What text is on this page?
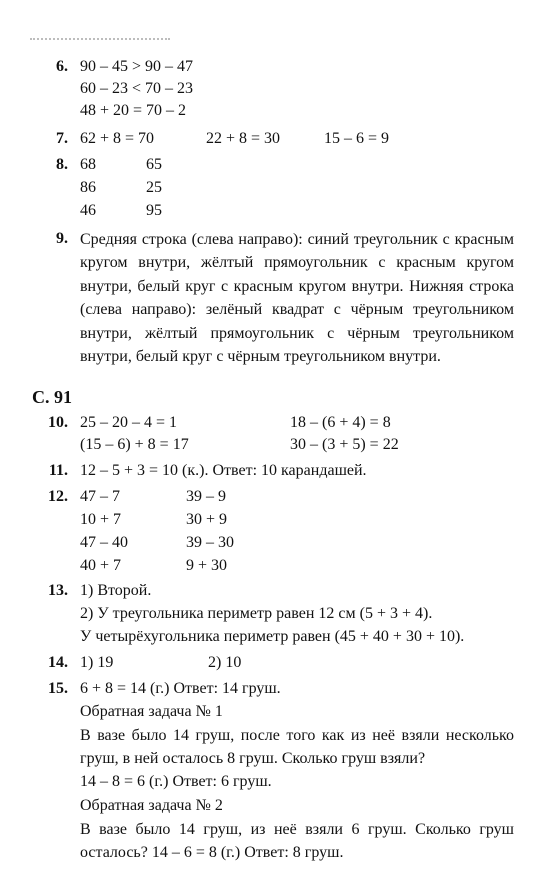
6. 90 – 45 > 90 – 47
60 – 23 < 70 – 23
48 + 20 = 70 – 2
7. 62 + 8 = 70	22 + 8 = 30	15 – 6 = 9
8. 68	65
86	25
46	95
9. Средняя строка (слева направо): синий треугольник с красным кругом внутри, жёлтый прямоугольник с красным кругом внутри, белый круг с красным кругом внутри. Нижняя строка (слева направо): зелёный квадрат с чёрным треугольником внутри, жёлтый прямоугольник с чёрным треугольником внутри, белый круг с чёрным треугольником внутри.
С. 91
10. 25 – 20 – 4 = 1	18 – (6 + 4) = 8
(15 – 6) + 8 = 17	30 – (3 + 5) = 22
11. 12 – 5 + 3 = 10 (к.). Ответ: 10 карандашей.
12. 47 – 7	39 – 9
10 + 7	30 + 9
47 – 40	39 – 30
40 + 7	9 + 30
13. 1) Второй.
2) У треугольника периметр равен 12 см (5 + 3 + 4).
У четырёхугольника периметр равен (45 + 40 + 30 + 10).
14. 1) 19	2) 10
15. 6 + 8 = 14 (г.) Ответ: 14 груш.
Обратная задача № 1
В вазе было 14 груш, после того как из неё взяли несколько груш, в ней осталось 8 груш. Сколько груш взяли?
14 – 8 = 6 (г.) Ответ: 6 груш.
Обратная задача № 2
В вазе было 14 груш, из неё взяли 6 груш. Сколько груш осталось? 14 – 6 = 8 (г.) Ответ: 8 груш.
